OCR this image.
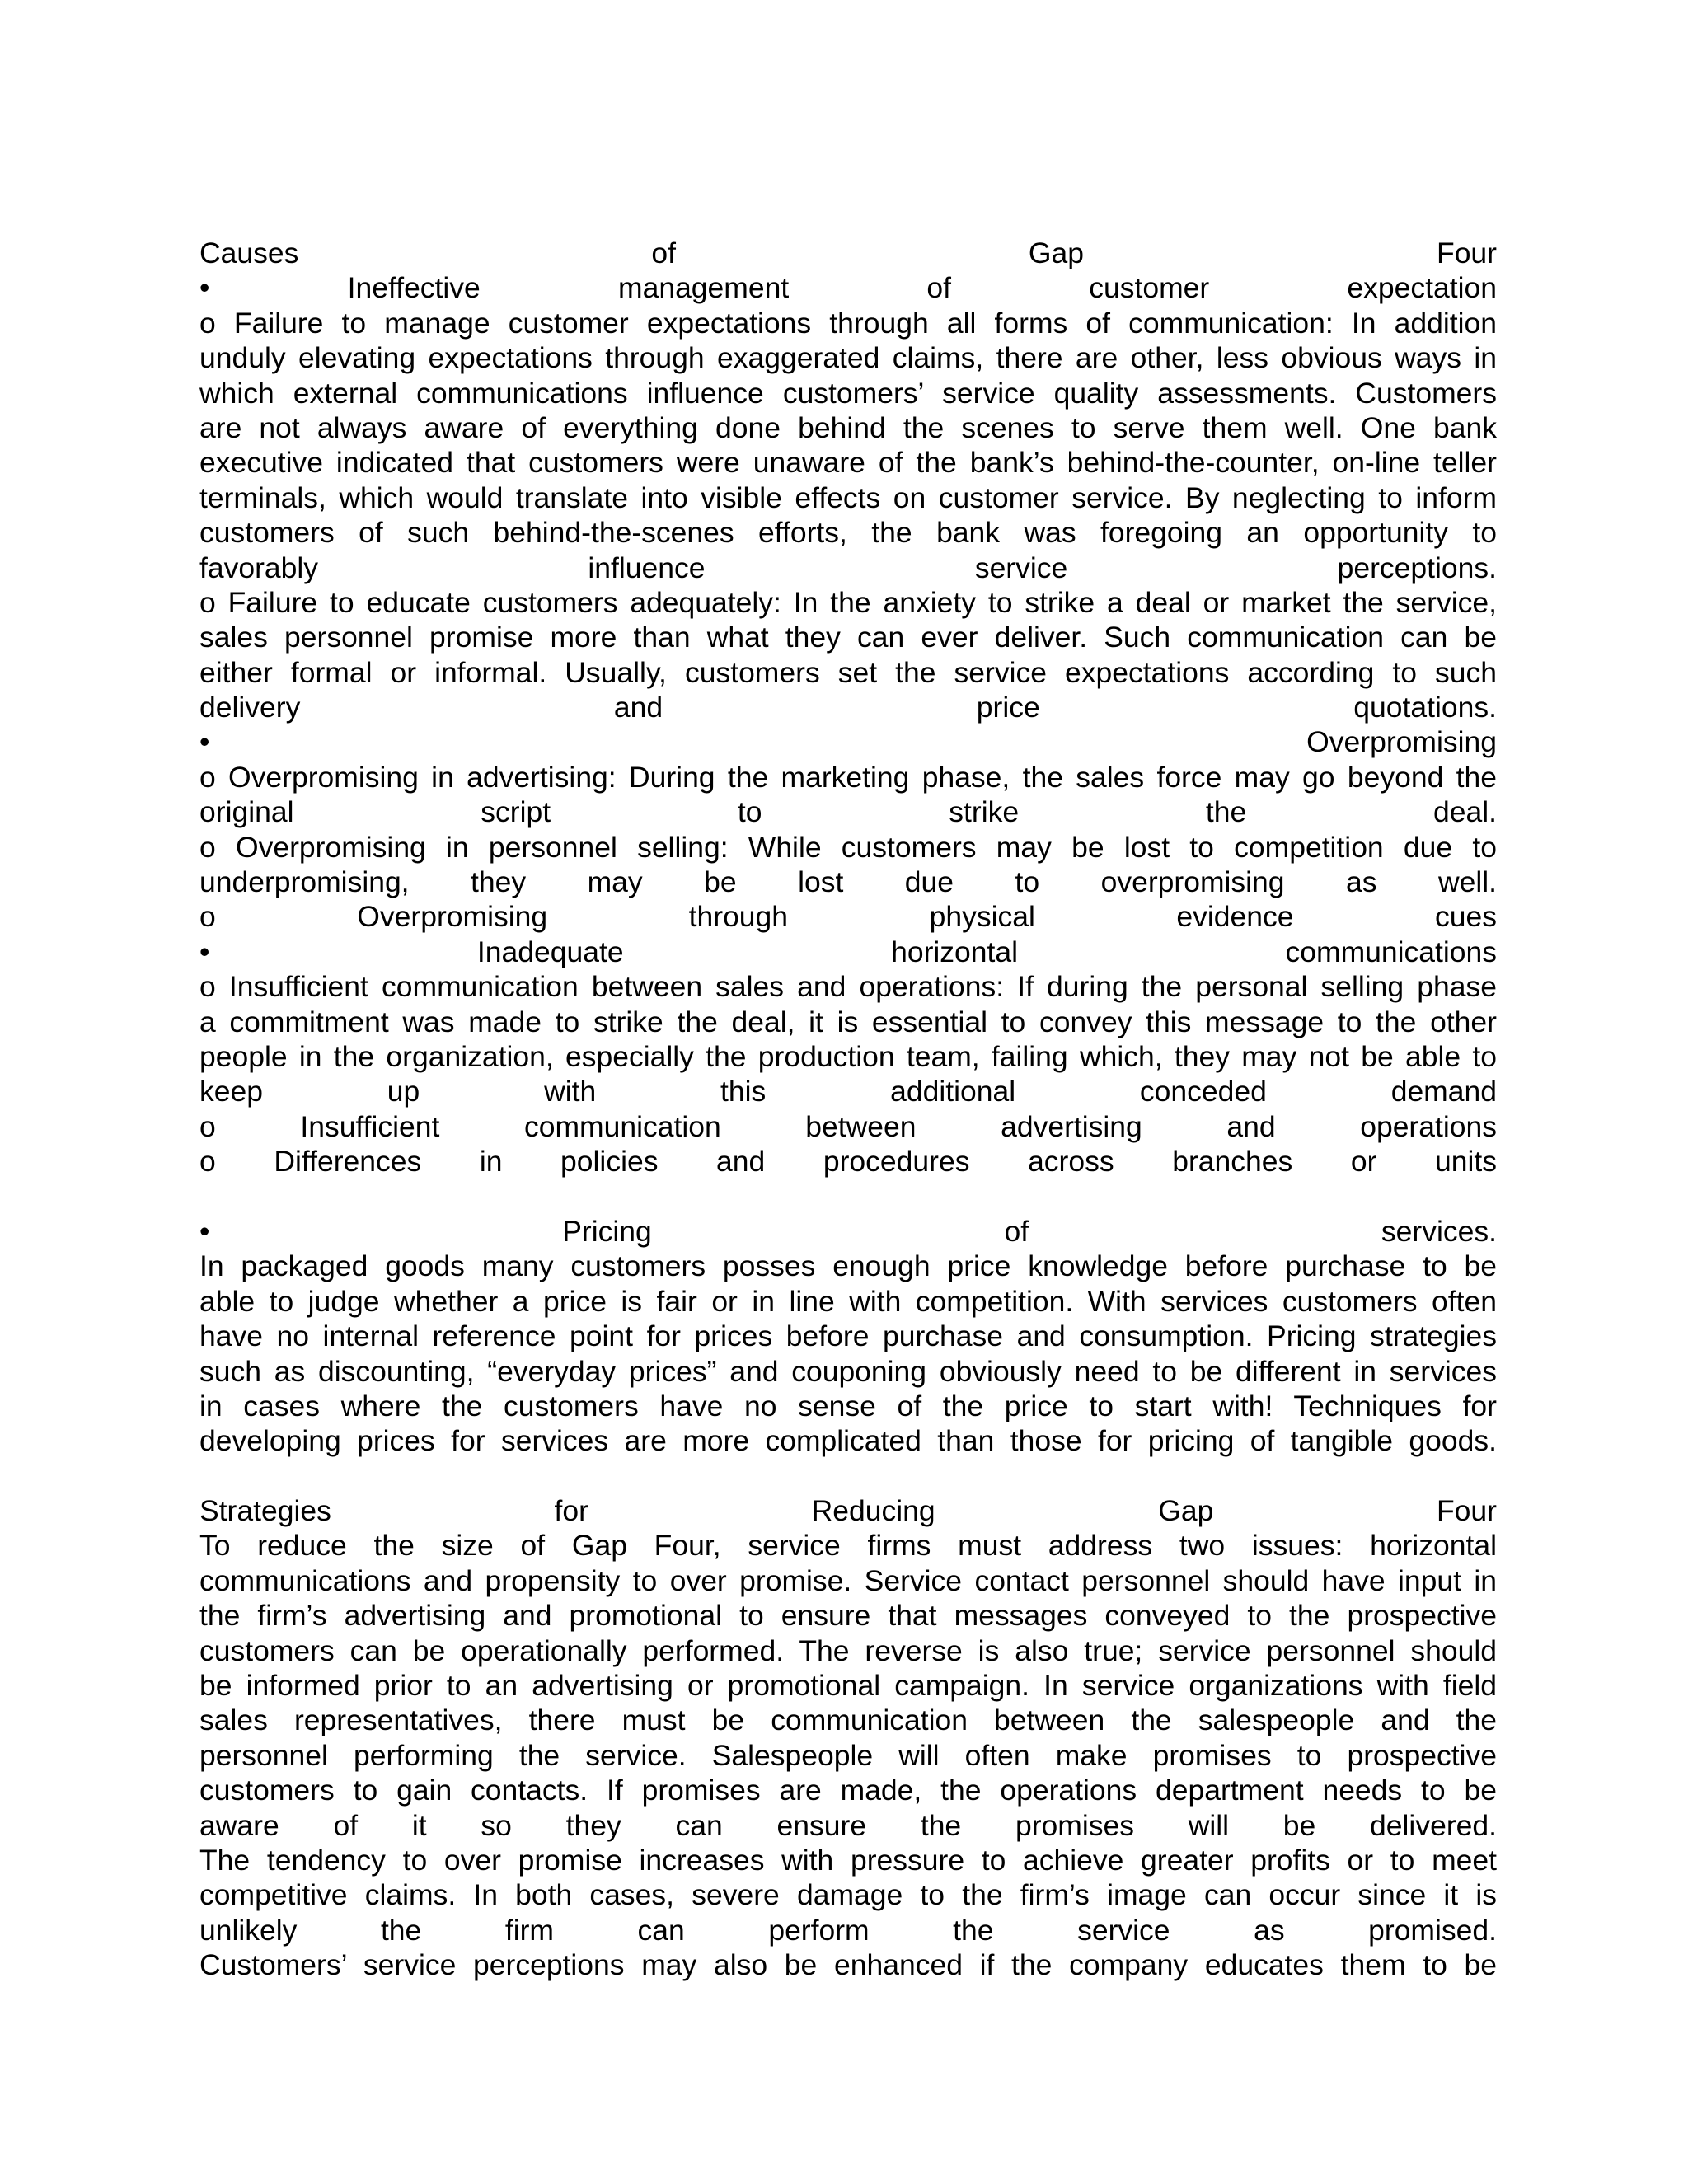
Causes of Gap Four
• Ineffective management of customer expectation
o Failure to manage customer expectations through all forms of communication: In addition
unduly elevating expectations through exaggerated claims, there are other, less obvious ways in
which external communications influence customers’ service quality assessments. Customers
are not always aware of everything done behind the scenes to serve them well. One bank
executive indicated that customers were unaware of the bank’s behind-the-counter, on-line teller
terminals, which would translate into visible effects on customer service. By neglecting to inform
customers of such behind-the-scenes efforts, the bank was foregoing an opportunity to
favorably influence service perceptions.
o Failure to educate customers adequately: In the anxiety to strike a deal or market the service,
sales personnel promise more than what they can ever deliver. Such communication can be
either formal or informal. Usually, customers set the service expectations according to such
delivery and price quotations.
• Overpromising
o Overpromising in advertising: During the marketing phase, the sales force may go beyond the
original script to strike the deal.
o Overpromising in personnel selling: While customers may be lost to competition due to
underpromising, they may be lost due to overpromising as well.
o Overpromising through physical evidence cues
• Inadequate horizontal communications
o Insufficient communication between sales and operations: If during the personal selling phase
a commitment was made to strike the deal, it is essential to convey this message to the other
people in the organization, especially the production team, failing which, they may not be able to
keep up with this additional conceded demand
o Insufficient communication between advertising and operations
o Differences in policies and procedures across branches or units
• Pricing of services.
In packaged goods many customers posses enough price knowledge before purchase to be
able to judge whether a price is fair or in line with competition. With services customers often
have no internal reference point for prices before purchase and consumption. Pricing strategies
such as discounting, “everyday prices” and couponing obviously need to be different in services
in cases where the customers have no sense of the price to start with! Techniques for
developing prices for services are more complicated than those for pricing of tangible goods.
Strategies for Reducing Gap Four
To reduce the size of Gap Four, service firms must address two issues: horizontal
communications and propensity to over promise. Service contact personnel should have input in
the firm’s advertising and promotional to ensure that messages conveyed to the prospective
customers can be operationally performed. The reverse is also true; service personnel should
be informed prior to an advertising or promotional campaign. In service organizations with field
sales representatives, there must be communication between the salespeople and the
personnel performing the service. Salespeople will often make promises to prospective
customers to gain contacts. If promises are made, the operations department needs to be
aware of it so they can ensure the promises will be delivered.
The tendency to over promise increases with pressure to achieve greater profits or to meet
competitive claims. In both cases, severe damage to the firm’s image can occur since it is
unlikely the firm can perform the service as promised.
Customers’ service perceptions may also be enhanced if the company educates them to be
